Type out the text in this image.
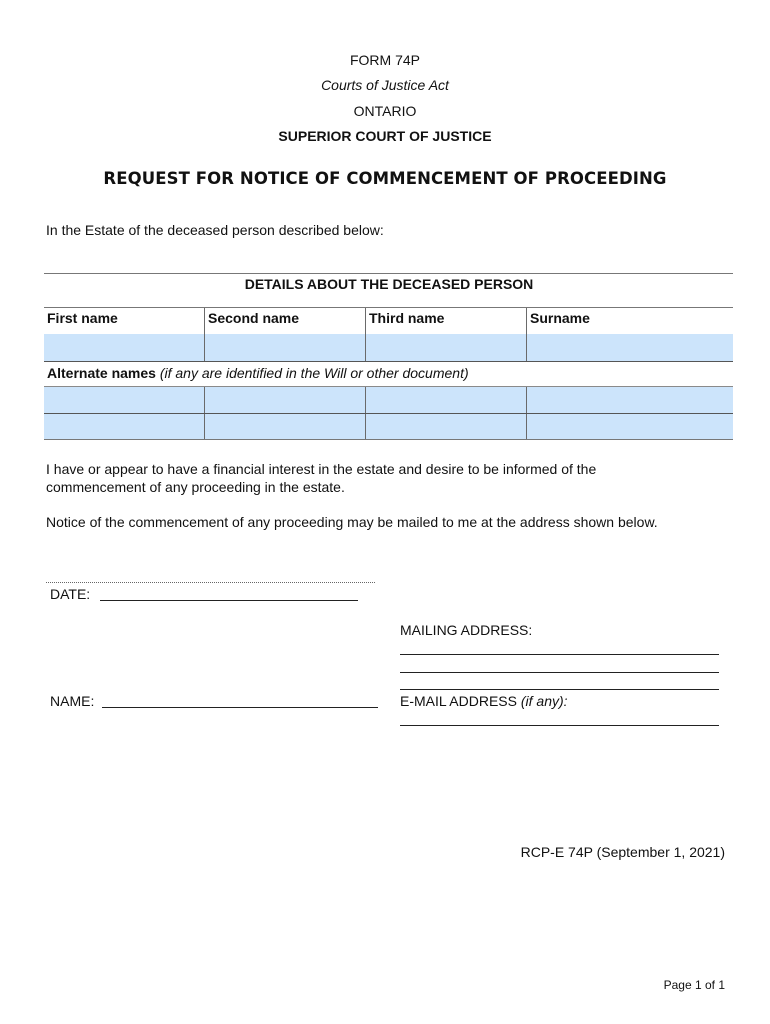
FORM 74P
Courts of Justice Act
ONTARIO
SUPERIOR COURT OF JUSTICE
REQUEST FOR NOTICE OF COMMENCEMENT OF PROCEEDING
In the Estate of the deceased person described below:
DETAILS ABOUT THE DECEASED PERSON
First name	Second name	Third name	Surname
Alternate names (if any are identified in the Will or other document)
I have or appear to have a financial interest in the estate and desire to be informed of the commencement of any proceeding in the estate.
Notice of the commencement of any proceeding may be mailed to me at the address shown below.
DATE:
MAILING ADDRESS:
NAME:	E-MAIL ADDRESS (if any):
RCP-E 74P (September 1, 2021)
Page 1 of 1
